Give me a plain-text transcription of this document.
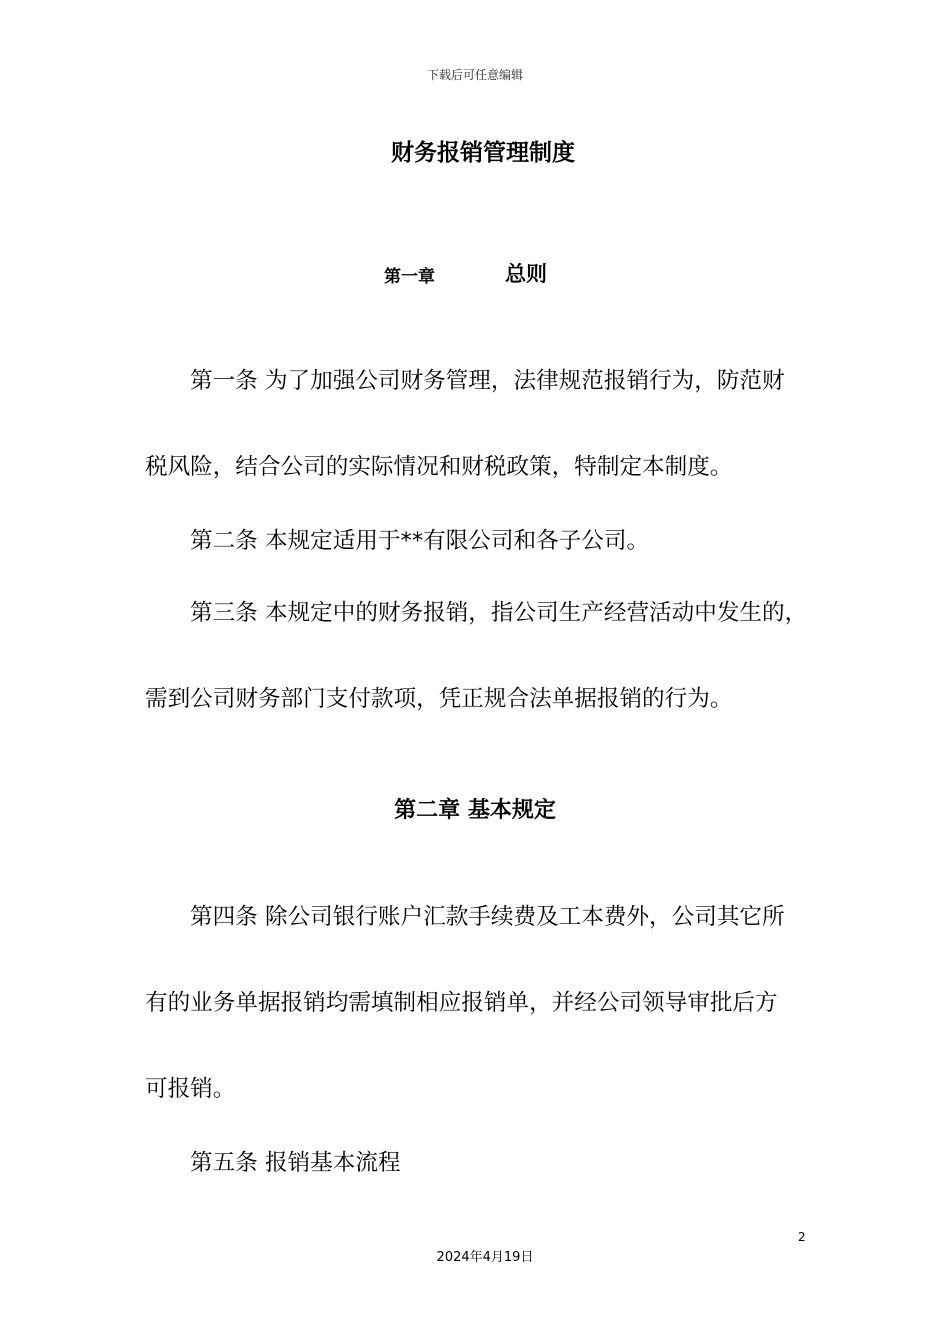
下载后可任意编辑
财务报销管理制度
第一章	总则
第一条 为了加强公司财务管理，法律规范报销行为，防范财
税风险，结合公司的实际情况和财税政策，特制定本制度。
第二条 本规定适用于**有限公司和各子公司。
第三条 本规定中的财务报销，指公司生产经营活动中发生的，
需到公司财务部门支付款项，凭正规合法单据报销的行为。
第二章 基本规定
第四条 除公司银行账户汇款手续费及工本费外，公司其它所
有的业务单据报销均需填制相应报销单，并经公司领导审批后方
可报销。
第五条 报销基本流程
2
2024年4月19日
